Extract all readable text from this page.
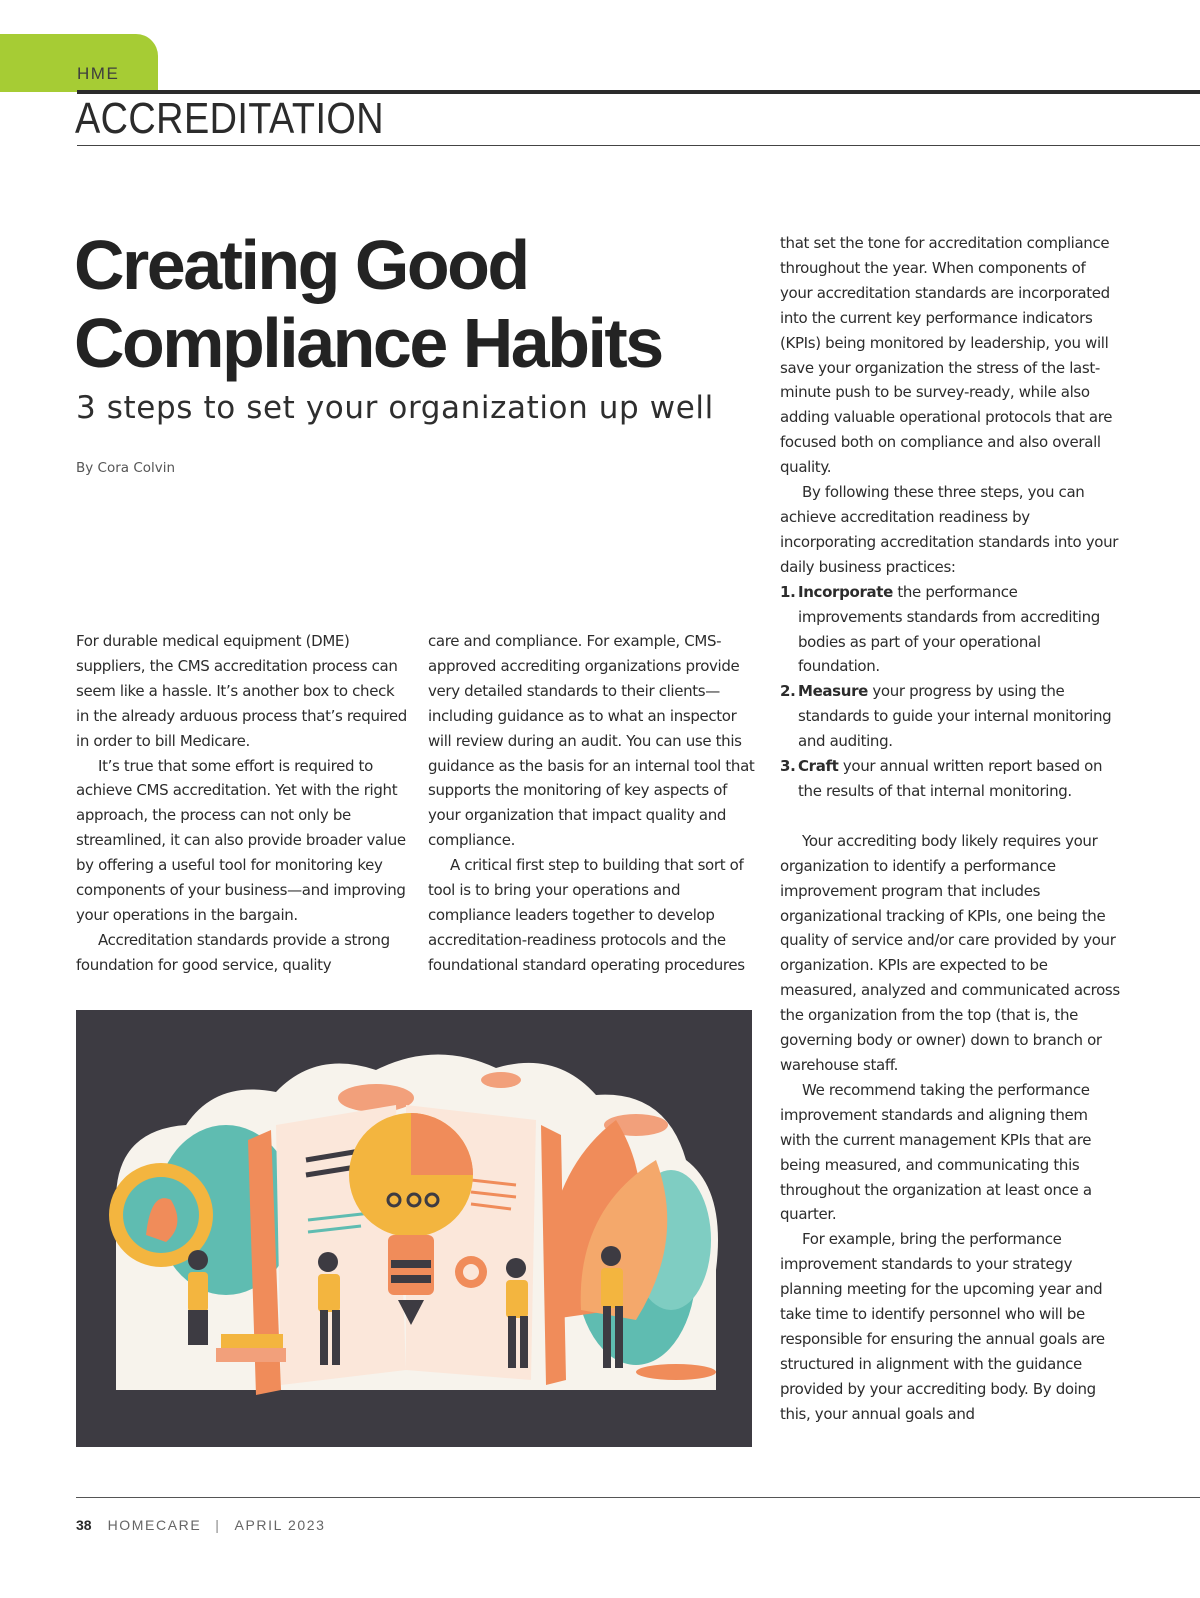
HME
ACCREDITATION
Creating Good
Compliance Habits
3 steps to set your organization up well
By Cora Colvin

For durable medical equipment (DME) suppliers, the CMS accreditation process can seem like a hassle. It’s another box to check in the already arduous process that’s required in order to bill Medicare.

It’s true that some effort is required to achieve CMS accreditation. Yet with the right approach, the process can not only be streamlined, it can also provide broader value by offering a useful tool for monitoring key components of your business—and improving your operations in the bargain.

Accreditation standards provide a strong foundation for good service, quality

care and compliance. For example, CMS-approved accrediting organizations provide very detailed standards to their clients—including guidance as to what an inspector will review during an audit. You can use this guidance as the basis for an internal tool that supports the monitoring of key aspects of your organization that impact quality and compliance.

A critical first step to building that sort of tool is to bring your operations and compliance leaders together to develop accreditation-readiness protocols and the foundational standard operating procedures

that set the tone for accreditation compliance throughout the year. When components of your accreditation standards are incorporated into the current key performance indicators (KPIs) being monitored by leadership, you will save your organization the stress of the last-minute push to be survey-ready, while also adding valuable operational protocols that are focused both on compliance and also overall quality.

By following these three steps, you can achieve accreditation readiness by incorporating accreditation standards into your daily business practices:

1. Incorporate the performance improvements standards from accrediting bodies as part of your operational foundation.
2. Measure your progress by using the standards to guide your internal monitoring and auditing.
3. Craft your annual written report based on the results of that internal monitoring.

Your accrediting body likely requires your organization to identify a performance improvement program that includes organizational tracking of KPIs, one being the quality of service and/or care provided by your organization. KPIs are expected to be measured, analyzed and communicated across the organization from the top (that is, the governing body or owner) down to branch or warehouse staff.

We recommend taking the performance improvement standards and aligning them with the current management KPIs that are being measured, and communicating this throughout the organization at least once a quarter.

For example, bring the performance improvement standards to your strategy planning meeting for the upcoming year and take time to identify personnel who will be responsible for ensuring the annual goals are structured in alignment with the guidance provided by your accrediting body. By doing this, your annual goals and

38 HOMECARE | APRIL 2023
